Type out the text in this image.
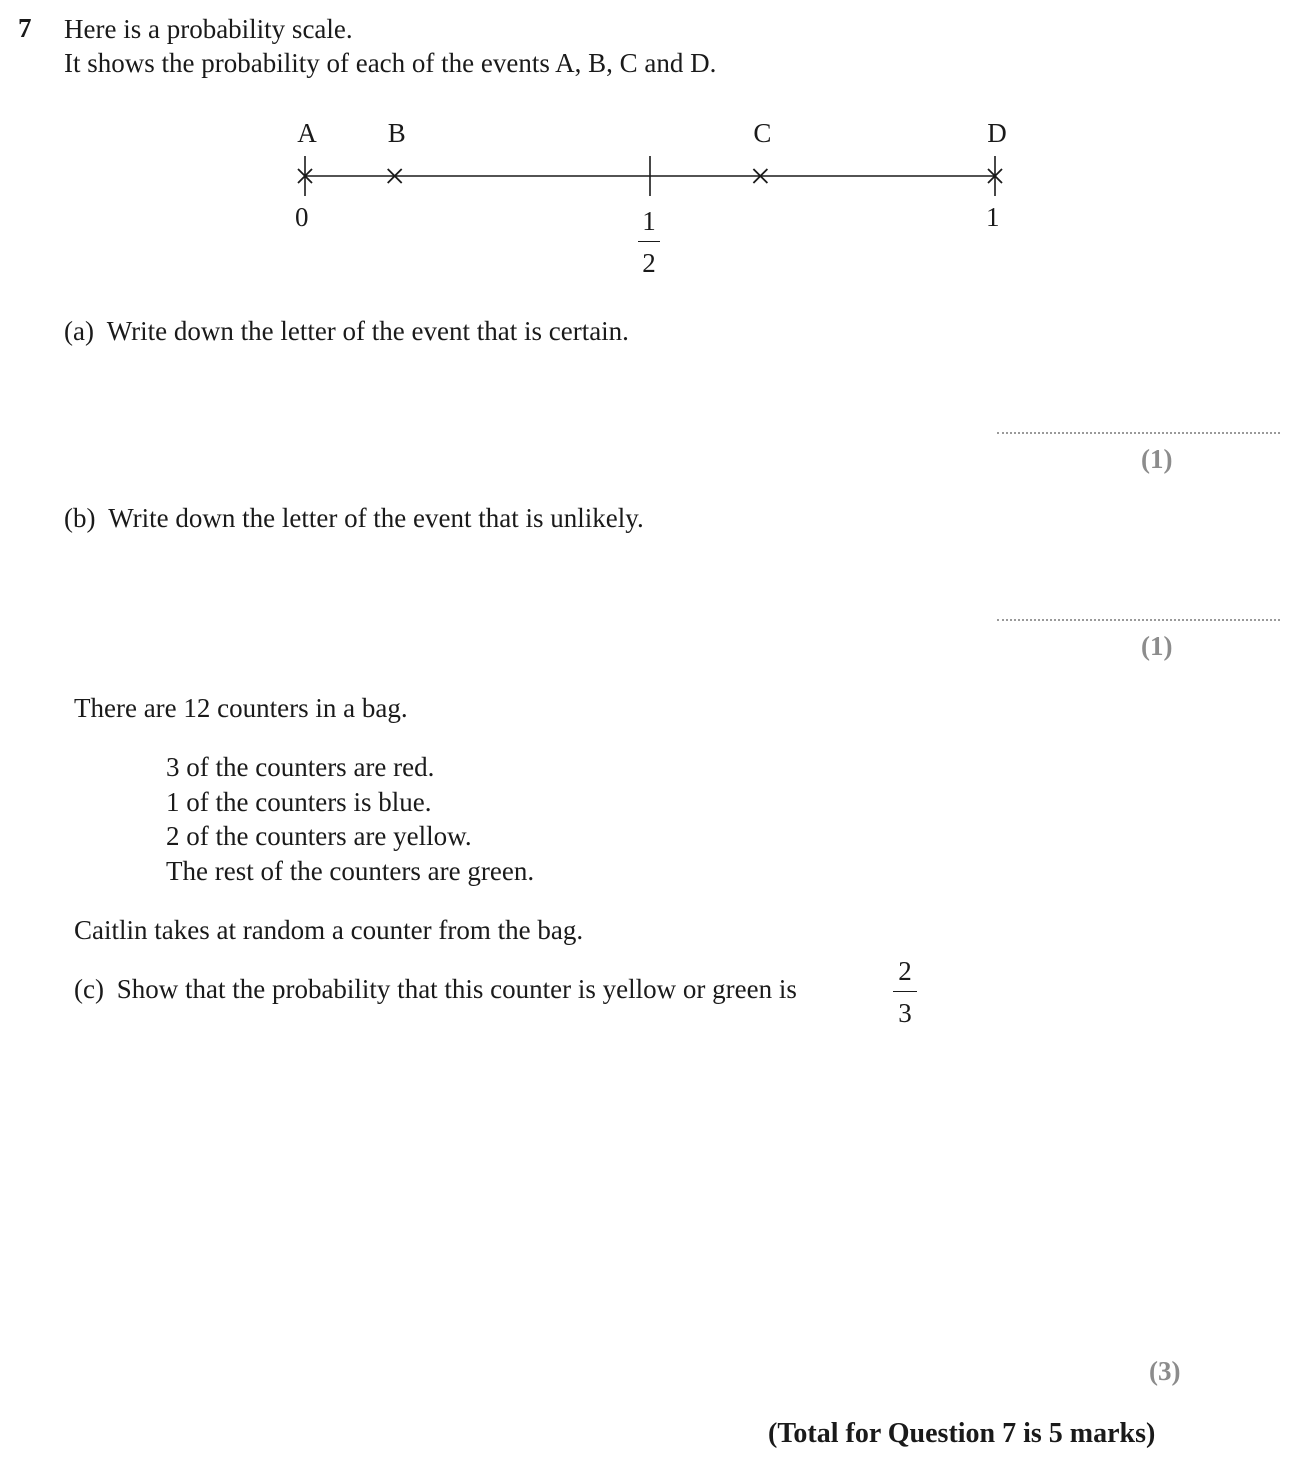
7 Here is a probability scale.
It shows the probability of each of the events A, B, C and D.
A	B	C	D
0	1
2
1
(a) Write down the letter of the event that is certain.
(1)
(b) Write down the letter of the event that is unlikely.
(1)
There are 12 counters in a bag.
3 of the counters are red.
1 of the counters is blue.
2 of the counters are yellow.
The rest of the counters are green.
Caitlin takes at random a counter from the bag.
(c) Show that the probability that this counter is yellow or green is
2
3
(3)
(Total for Question 7 is 5 marks)
